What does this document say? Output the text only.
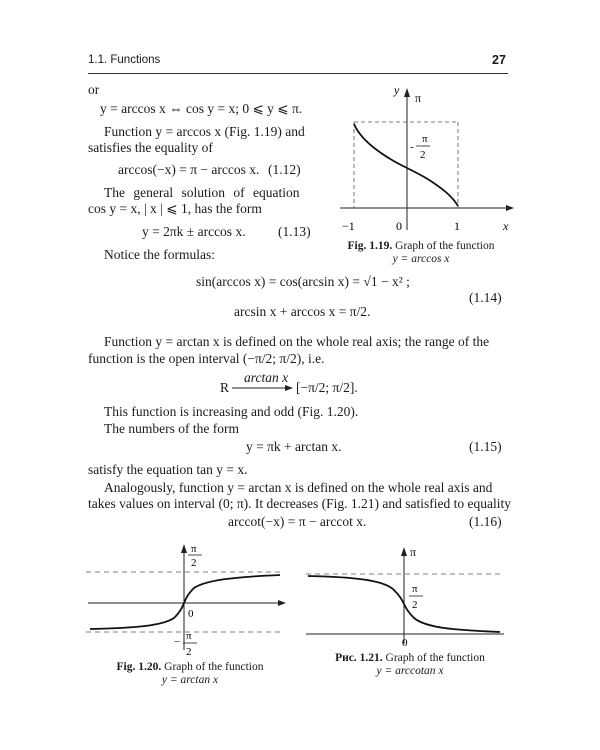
1.1. Functions	27
or
y = arccos x ⇔ cos y = x; 0 ⩽ y ⩽ π.
Function y = arccos x (Fig. 1.19) and
satisfies the equality of
arccos(−x) = π − arccos x. (1.12)
The general solution of equation
cos y = x, | x | ⩽ 1, has the form
y = 2πk ± arccos x. (1.13)
Notice the formulas:
y
π
π
-
2
−1	0	1	x
Fig. 1.19. Graph of the function
y = arccos x
sin(arccos x) = cos(arcsin x) = √1 − x² ;
arcsin x + arccos x = π/2.
(1.14)
Function y = arctan x is defined on the whole real axis; the range of the
function is the open interval (−π/2; π/2), i.e.
arctan x
R	[−π/2; π/2].
This function is increasing and odd (Fig. 1.20).
The numbers of the form
y = πk + arctan x.	(1.15)
satisfy the equation tan y = x.
Analogously, function y = arctan x is defined on the whole real axis and
takes values on interval (0; π). It decreases (Fig. 1.21) and satisfied to equality
arccot(−x) = π − arccot x.	(1.16)
π
2
0
− π
2
Fig. 1.20. Graph of the function
y = arctan x
π
π
2
0
Рис. 1.21. Graph of the function
y = arccotan x
